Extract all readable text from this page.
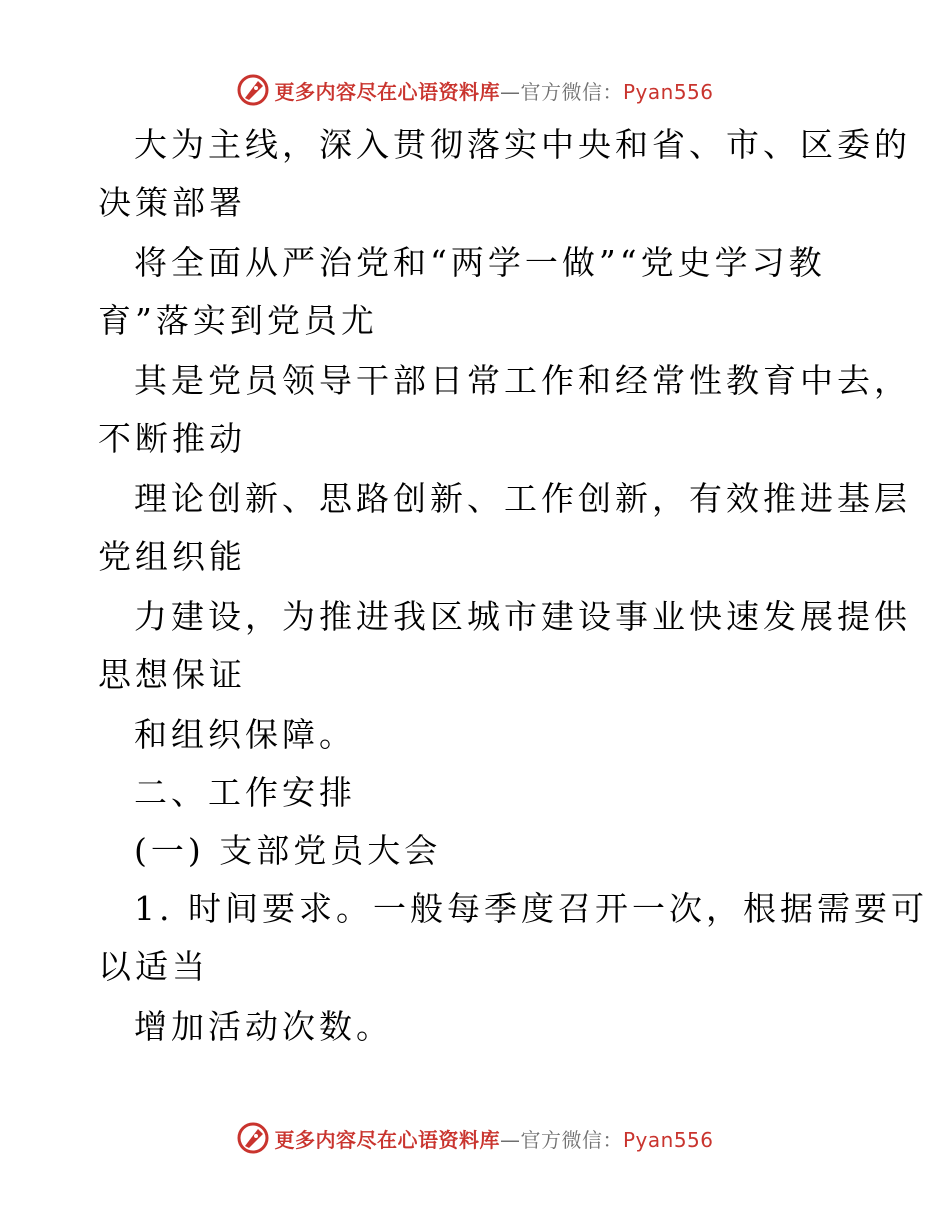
更多内容尽在心语资料库—官方微信：Pyan556
大为主线，深入贯彻落实中央和省、市、区委的
决策部署
将全面从严治党和“两学一做”“党史学习教
育”落实到党员尤
其是党员领导干部日常工作和经常性教育中去，
不断推动
理论创新、思路创新、工作创新，有效推进基层
党组织能
力建设，为推进我区城市建设事业快速发展提供
思想保证
和组织保障。
二、工作安排
(一) 支部党员大会
1. 时间要求。一般每季度召开一次，根据需要可
以适当
增加活动次数。
更多内容尽在心语资料库—官方微信：Pyan556
